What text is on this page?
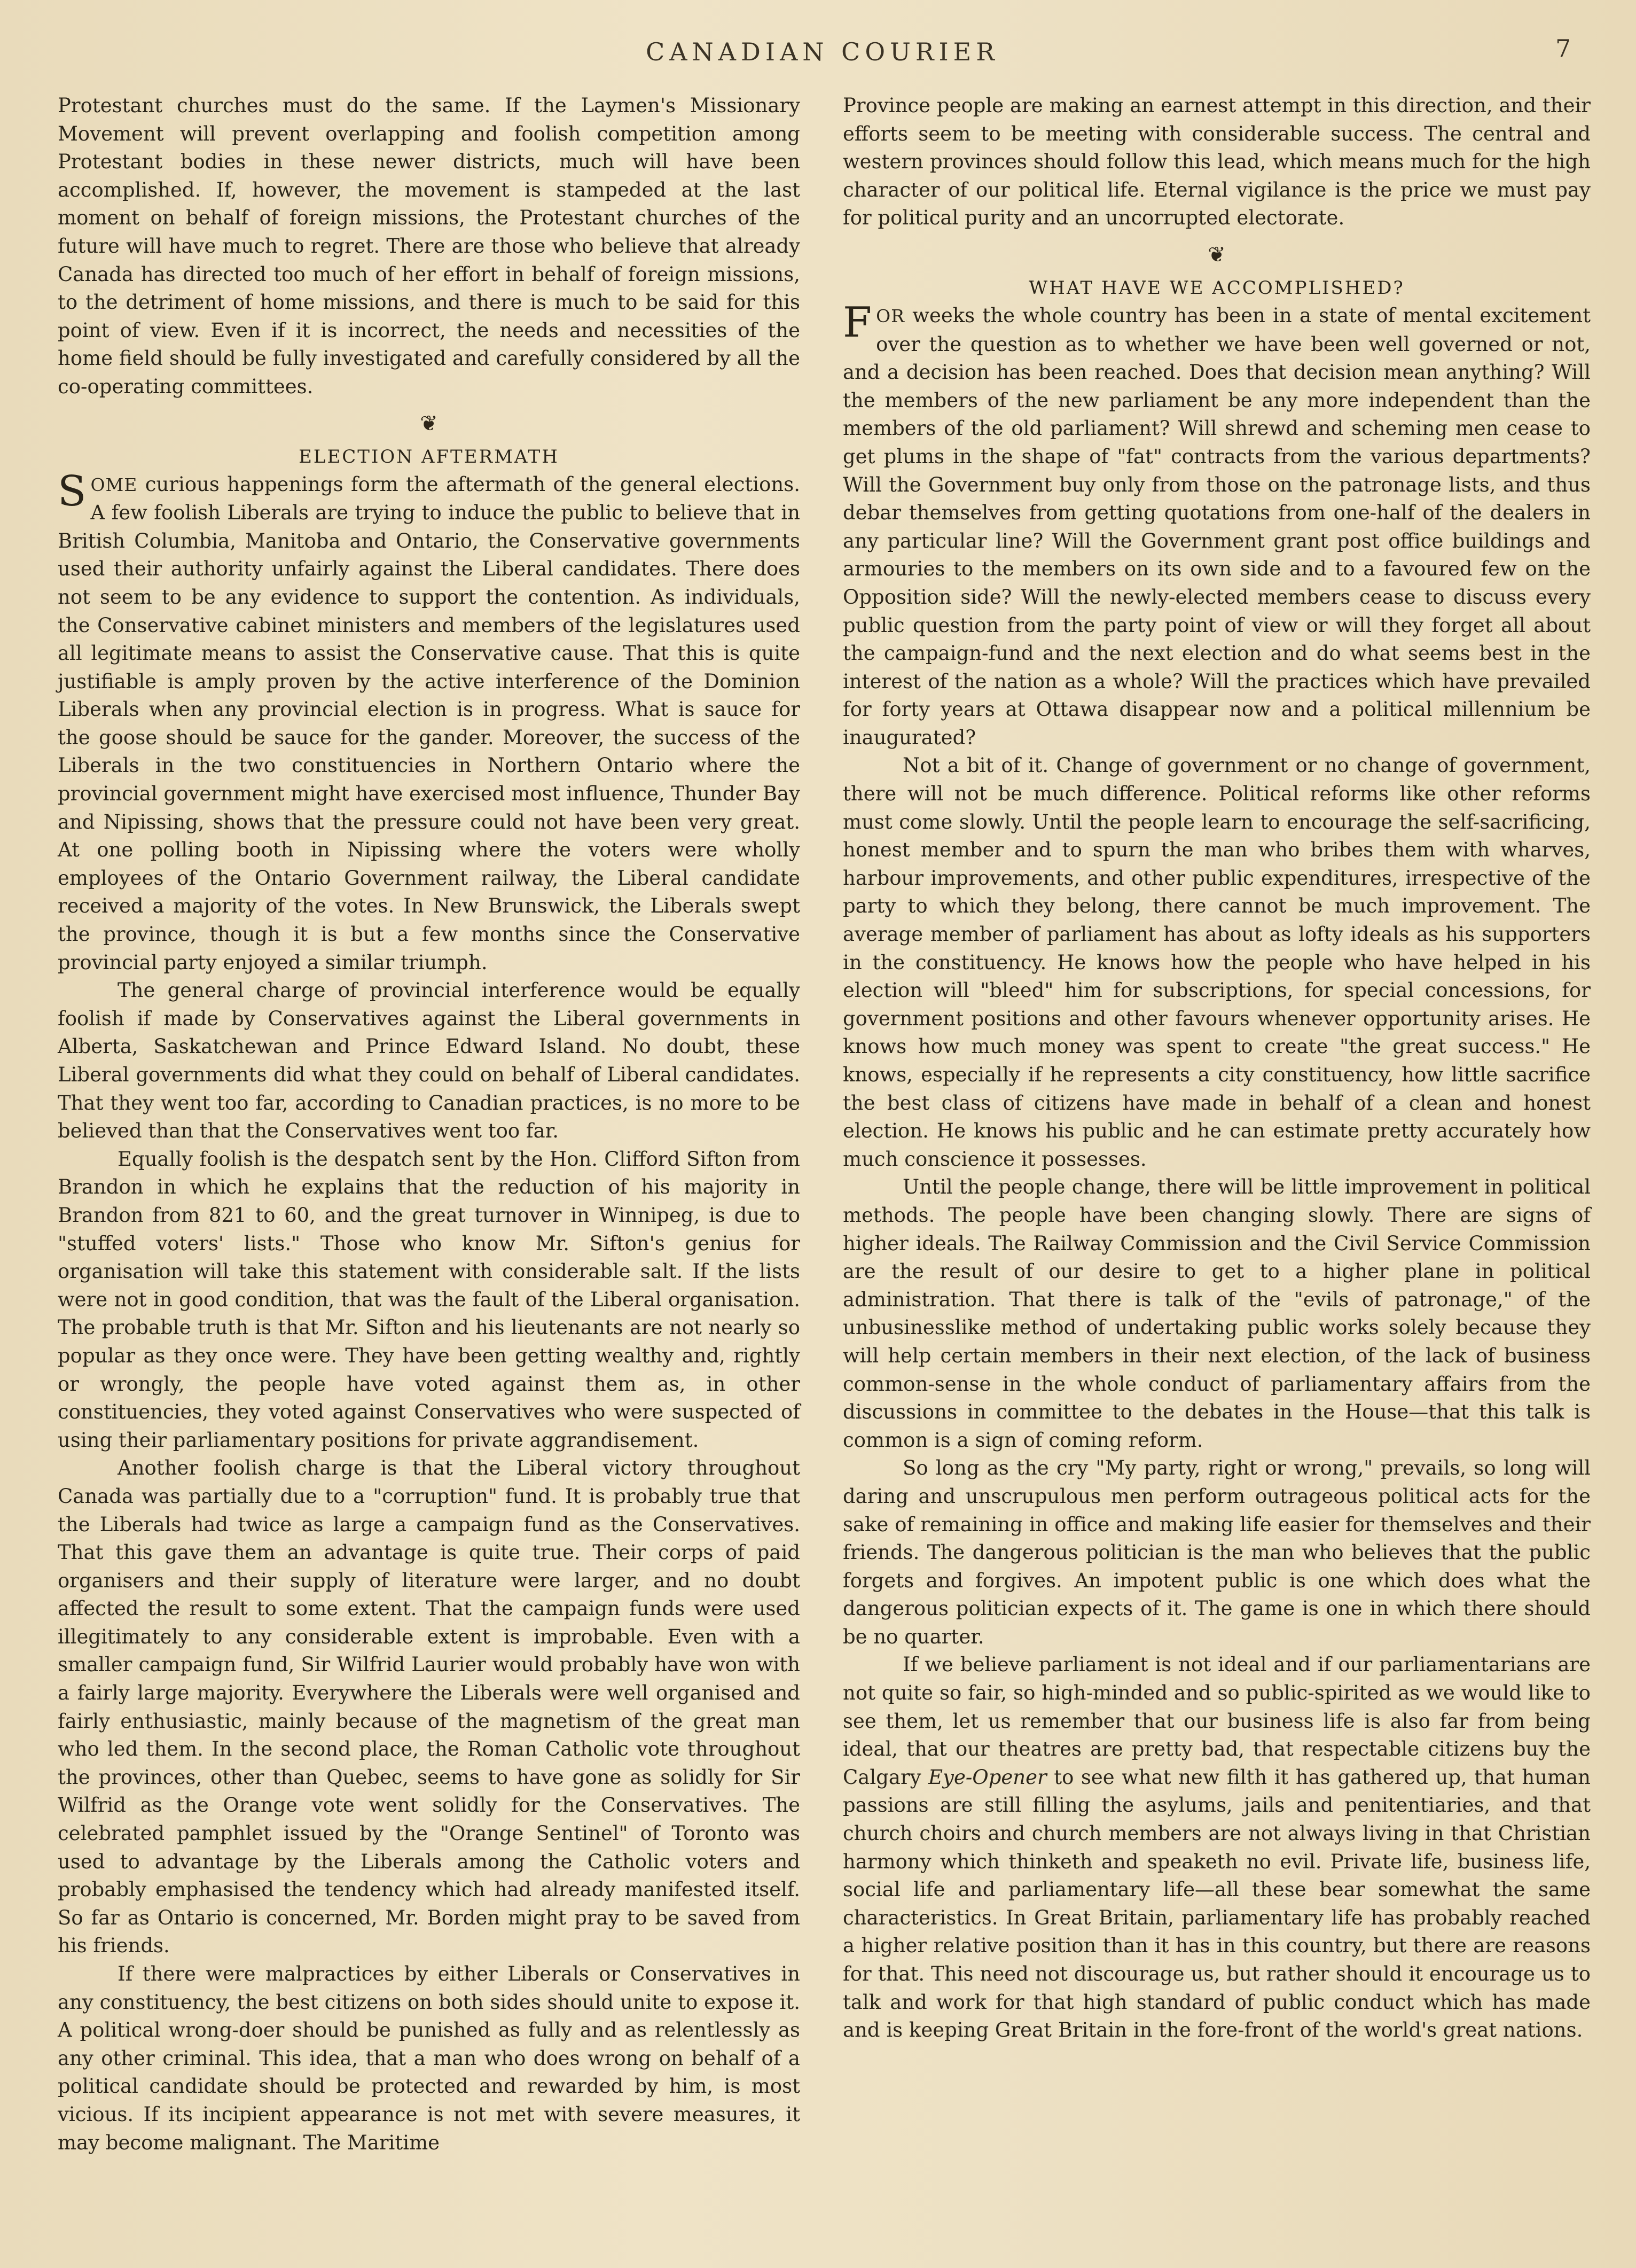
CANADIAN COURIER	7

Protestant churches must do the same. If the Laymen's Missionary Movement will prevent overlapping and foolish competition among Protestant bodies in these newer districts, much will have been accomplished. If, however, the movement is stampeded at the last moment on behalf of foreign missions, the Protestant churches of the future will have much to regret. There are those who believe that already Canada has directed too much of her effort in behalf of foreign missions, to the detriment of home missions, and there is much to be said for this point of view. Even if it is incorrect, the needs and necessities of the home field should be fully investigated and carefully considered by all the co-operating committees.

❦
ELECTION AFTERMATH

SOME curious happenings form the aftermath of the general elections. A few foolish Liberals are trying to induce the public to believe that in British Columbia, Manitoba and Ontario, the Conservative governments used their authority unfairly against the Liberal candidates. There does not seem to be any evidence to support the contention. As individuals, the Conservative cabinet ministers and members of the legislatures used all legitimate means to assist the Conservative cause. That this is quite justifiable is amply proven by the active interference of the Dominion Liberals when any provincial election is in progress. What is sauce for the goose should be sauce for the gander. Moreover, the success of the Liberals in the two constituencies in Northern Ontario where the provincial government might have exercised most influence, Thunder Bay and Nipissing, shows that the pressure could not have been very great. At one polling booth in Nipissing where the voters were wholly employees of the Ontario Government railway, the Liberal candidate received a majority of the votes. In New Brunswick, the Liberals swept the province, though it is but a few months since the Conservative provincial party enjoyed a similar triumph.

The general charge of provincial interference would be equally foolish if made by Conservatives against the Liberal governments in Alberta, Saskatchewan and Prince Edward Island. No doubt, these Liberal governments did what they could on behalf of Liberal candidates. That they went too far, according to Canadian practices, is no more to be believed than that the Conservatives went too far.

Equally foolish is the despatch sent by the Hon. Clifford Sifton from Brandon in which he explains that the reduction of his majority in Brandon from 821 to 60, and the great turnover in Winnipeg, is due to "stuffed voters' lists." Those who know Mr. Sifton's genius for organisation will take this statement with considerable salt. If the lists were not in good condition, that was the fault of the Liberal organisation. The probable truth is that Mr. Sifton and his lieutenants are not nearly so popular as they once were. They have been getting wealthy and, rightly or wrongly, the people have voted against them as, in other constituencies, they voted against Conservatives who were suspected of using their parliamentary positions for private aggrandisement.

Another foolish charge is that the Liberal victory throughout Canada was partially due to a "corruption" fund. It is probably true that the Liberals had twice as large a campaign fund as the Conservatives. That this gave them an advantage is quite true. Their corps of paid organisers and their supply of literature were larger, and no doubt affected the result to some extent. That the campaign funds were used illegitimately to any considerable extent is improbable. Even with a smaller campaign fund, Sir Wilfrid Laurier would probably have won with a fairly large majority. Everywhere the Liberals were well organised and fairly enthusiastic, mainly because of the magnetism of the great man who led them. In the second place, the Roman Catholic vote throughout the provinces, other than Quebec, seems to have gone as solidly for Sir Wilfrid as the Orange vote went solidly for the Conservatives. The celebrated pamphlet issued by the "Orange Sentinel" of Toronto was used to advantage by the Liberals among the Catholic voters and probably emphasised the tendency which had already manifested itself. So far as Ontario is concerned, Mr. Borden might pray to be saved from his friends.

If there were malpractices by either Liberals or Conservatives in any constituency, the best citizens on both sides should unite to expose it. A political wrong-doer should be punished as fully and as relentlessly as any other criminal. This idea, that a man who does wrong on behalf of a political candidate should be protected and rewarded by him, is most vicious. If its incipient appearance is not met with severe measures, it may become malignant. The Maritime

Province people are making an earnest attempt in this direction, and their efforts seem to be meeting with considerable success. The central and western provinces should follow this lead, which means much for the high character of our political life. Eternal vigilance is the price we must pay for political purity and an uncorrupted electorate.

❦
WHAT HAVE WE ACCOMPLISHED?

FOR weeks the whole country has been in a state of mental excitement over the question as to whether we have been well governed or not, and a decision has been reached. Does that decision mean anything? Will the members of the new parliament be any more independent than the members of the old parliament? Will shrewd and scheming men cease to get plums in the shape of "fat" contracts from the various departments? Will the Government buy only from those on the patronage lists, and thus debar themselves from getting quotations from one-half of the dealers in any particular line? Will the Government grant post office buildings and armouries to the members on its own side and to a favoured few on the Opposition side? Will the newly-elected members cease to discuss every public question from the party point of view or will they forget all about the campaign-fund and the next election and do what seems best in the interest of the nation as a whole? Will the practices which have prevailed for forty years at Ottawa disappear now and a political millennium be inaugurated?

Not a bit of it. Change of government or no change of government, there will not be much difference. Political reforms like other reforms must come slowly. Until the people learn to encourage the self-sacrificing, honest member and to spurn the man who bribes them with wharves, harbour improvements, and other public expenditures, irrespective of the party to which they belong, there cannot be much improvement. The average member of parliament has about as lofty ideals as his supporters in the constituency. He knows how the people who have helped in his election will "bleed" him for subscriptions, for special concessions, for government positions and other favours whenever opportunity arises. He knows how much money was spent to create "the great success." He knows, especially if he represents a city constituency, how little sacrifice the best class of citizens have made in behalf of a clean and honest election. He knows his public and he can estimate pretty accurately how much conscience it possesses.

Until the people change, there will be little improvement in political methods. The people have been changing slowly. There are signs of higher ideals. The Railway Commission and the Civil Service Commission are the result of our desire to get to a higher plane in political administration. That there is talk of the "evils of patronage," of the unbusinesslike method of undertaking public works solely because they will help certain members in their next election, of the lack of business common-sense in the whole conduct of parliamentary affairs from the discussions in committee to the debates in the House—that this talk is common is a sign of coming reform.

So long as the cry "My party, right or wrong," prevails, so long will daring and unscrupulous men perform outrageous political acts for the sake of remaining in office and making life easier for themselves and their friends. The dangerous politician is the man who believes that the public forgets and forgives. An impotent public is one which does what the dangerous politician expects of it. The game is one in which there should be no quarter.

If we believe parliament is not ideal and if our parliamentarians are not quite so fair, so high-minded and so public-spirited as we would like to see them, let us remember that our business life is also far from being ideal, that our theatres are pretty bad, that respectable citizens buy the Calgary Eye-Opener to see what new filth it has gathered up, that human passions are still filling the asylums, jails and penitentiaries, and that church choirs and church members are not always living in that Christian harmony which thinketh and speaketh no evil. Private life, business life, social life and parliamentary life—all these bear somewhat the same characteristics. In Great Britain, parliamentary life has probably reached a higher relative position than it has in this country, but there are reasons for that. This need not discourage us, but rather should it encourage us to talk and work for that high standard of public conduct which has made and is keeping Great Britain in the fore-front of the world's great nations.
